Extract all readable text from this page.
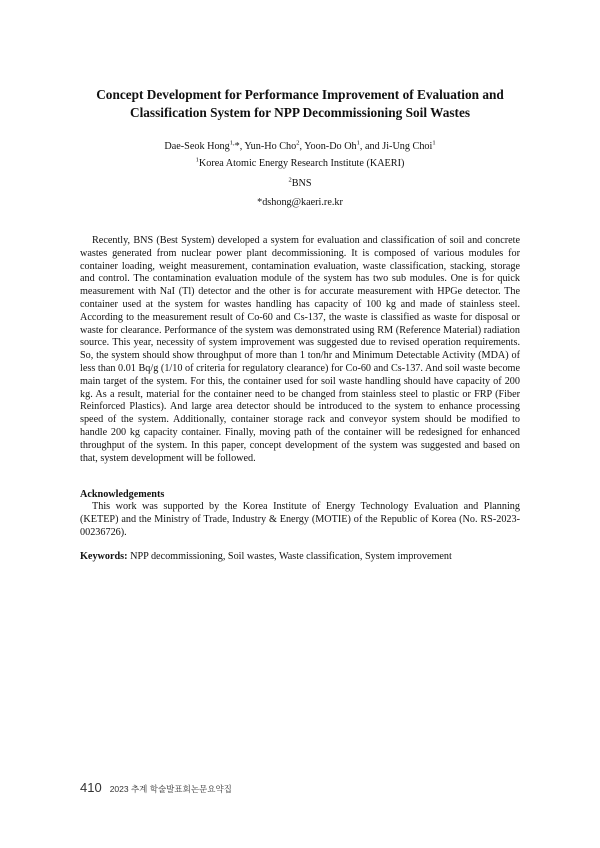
Concept Development for Performance Improvement of Evaluation and
Classification System for NPP Decommissioning Soil Wastes
Dae-Seok Hong$^{1,}$*, Yun-Ho Cho$^2$, Yoon-Do Oh$^1$, and Ji-Ung Choi$^1$
$^1$Korea Atomic Energy Research Institute (KAERI)
$^2$BNS
*dshong@kaeri.re.kr

Recently, BNS (Best System) developed a system for evaluation and classification of soil and concrete wastes generated from nuclear power plant decommissioning. It is composed of various modules for container loading, weight measurement, contamination evaluation, waste classification, stacking, storage and control. The contamination evaluation module of the system has two sub modules. One is for quick measurement with NaI (Tl) detector and the other is for accurate measurement with HPGe detector. The container used at the system for wastes handling has capacity of 100 kg and made of stainless steel. According to the measurement result of Co-60 and Cs-137, the waste is classified as waste for disposal or waste for clearance. Performance of the system was demonstrated using RM (Reference Material) radiation source. This year, necessity of system improvement was suggested due to revised operation requirements. So, the system should show throughput of more than 1 ton/hr and Minimum Detectable Activity (MDA) of less than 0.01 Bq/g (1/10 of criteria for regulatory clearance) for Co-60 and Cs-137. And soil waste become main target of the system. For this, the container used for soil waste handling should have capacity of 200 kg. As a result, material for the container need to be changed from stainless steel to plastic or FRP (Fiber Reinforced Plastics). And large area detector should be introduced to the system to enhance processing speed of the system. Additionally, container storage rack and conveyor system should be modified to handle 200 kg capacity container. Finally, moving path of the container will be redesigned for enhanced throughput of the system. In this paper, concept development of the system was suggested and based on that, system development will be followed.

Acknowledgements

This work was supported by the Korea Institute of Energy Technology Evaluation and Planning (KETEP) and the Ministry of Trade, Industry & Energy (MOTIE) of the Republic of Korea (No. RS-2023-00236726).

Keywords: NPP decommissioning, Soil wastes, Waste classification, System improvement
410 2023 추계 학술발표회논문요약집
